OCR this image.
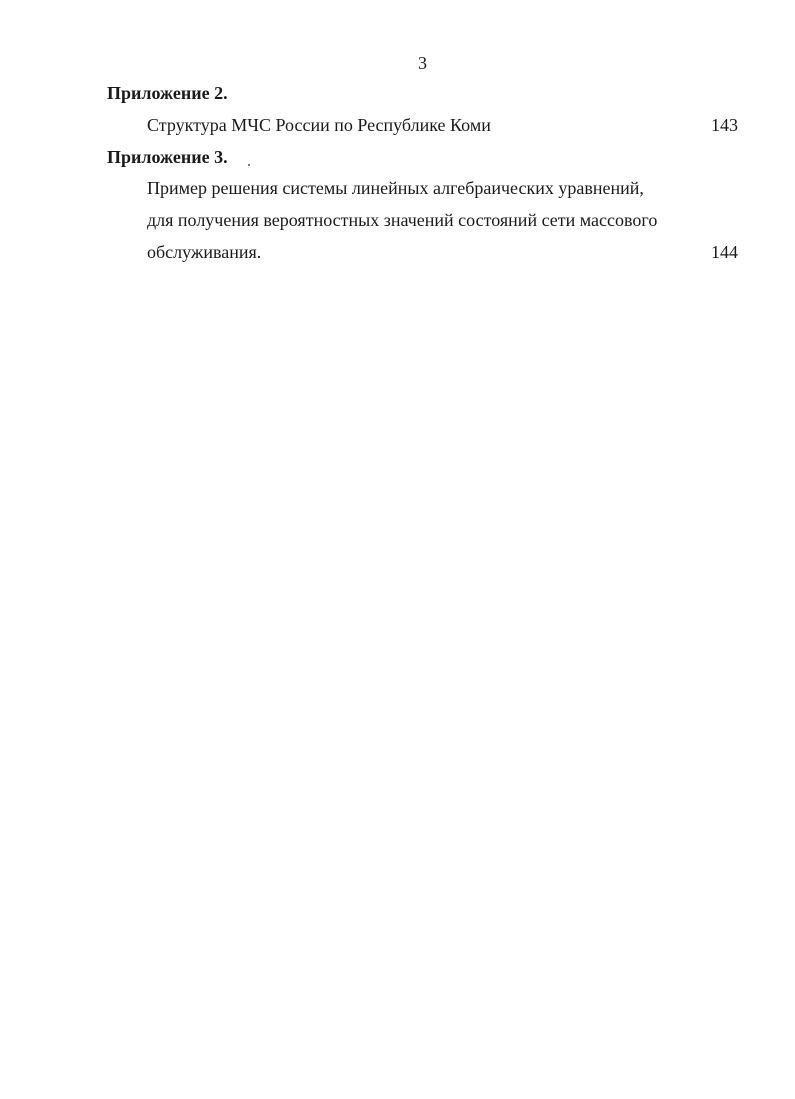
3
Приложение 2.
Структура МЧС России по Республике Коми	143
Приложение 3.
Пример решения системы линейных алгебраических уравнений,
для получения вероятностных значений состояний сети массового
обслуживания.	144
